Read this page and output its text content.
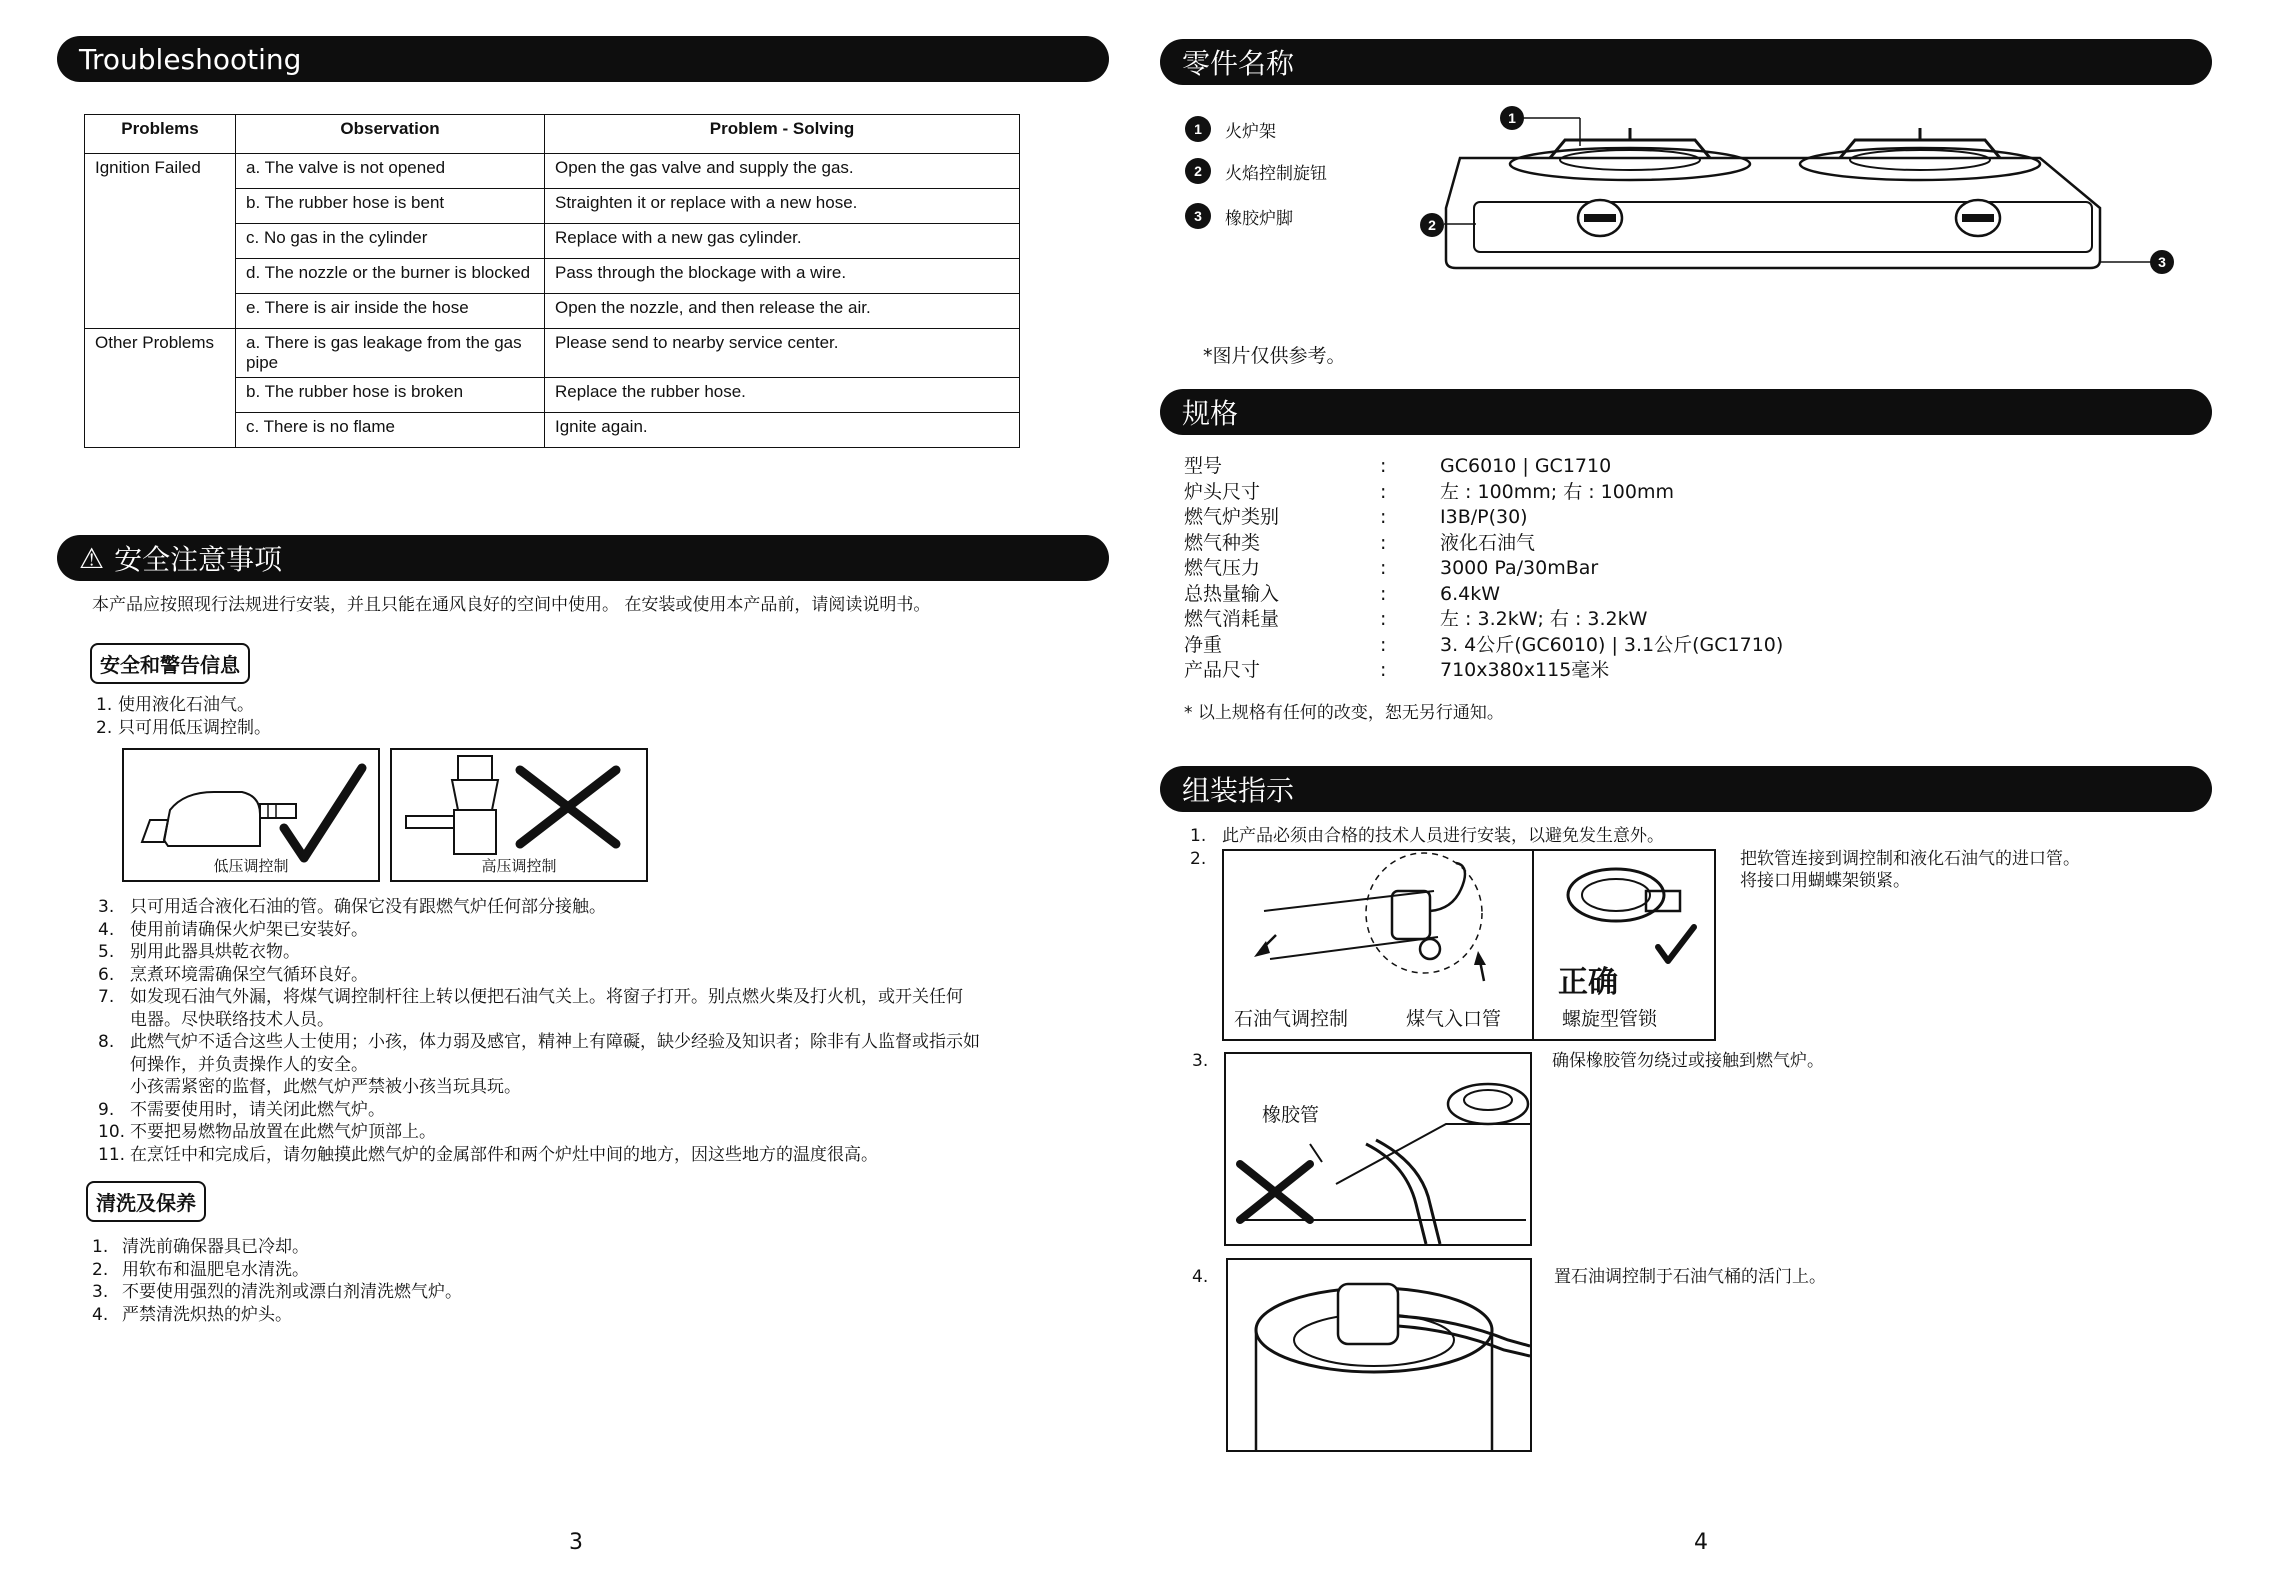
Troubleshooting
Problems	Observation	Problem - Solving
Ignition Failed	a. The valve is not opened	Open the gas valve and supply the gas.
	b. The rubber hose is bent	Straighten it or replace with a new hose.
	c. No gas in the cylinder	Replace with a new gas cylinder.
	d. The nozzle or the burner is blocked	Pass through the blockage with a wire.
	e. There is air inside the hose	Open the nozzle, and then release the air.
Other Problems	a. There is gas leakage from the gas pipe	Please send to nearby service center.
	b. The rubber hose is broken	Replace the rubber hose.
	c. There is no flame	Ignite again.
⚠ 安全注意事项
本产品应按照现行法规进行安装，并且只能在通风良好的空间中使用。 在安装或使用本产品前，请阅读说明书。
安全和警告信息
1. 使用液化石油气。
2. 只可用低压调控制。
低压调控制	高压调控制
3. 只可用适合液化石油的管。确保它没有跟燃气炉任何部分接触。
4. 使用前请确保火炉架已安装好。
5. 别用此器具烘乾衣物。
6. 烹煮环境需确保空气循环良好。
7. 如发现石油气外漏，将煤气调控制杆往上转以便把石油气关上。将窗子打开。别点燃火柴及打火机，或开关任何
电器。尽快联络技术人员。
8. 此燃气炉不适合这些人士使用；小孩，体力弱及感官，精神上有障礙，缺少经验及知识者；除非有人监督或指示如
何操作，并负责操作人的安全。
小孩需紧密的监督，此燃气炉严禁被小孩当玩具玩。
9. 不需要使用时，请关闭此燃气炉。
10. 不要把易燃物品放置在此燃气炉顶部上。
11. 在烹饪中和完成后，请勿触摸此燃气炉的金属部件和两个炉灶中间的地方，因这些地方的温度很高。
清洗及保养
1. 清洗前确保器具已冷却。
2. 用软布和温肥皂水清洗。
3. 不要使用强烈的清洗剂或漂白剂清洗燃气炉。
4. 严禁清洗炽热的炉头。
3
零件名称
1	火炉架
2	火焰控制旋钮
3	橡胶炉脚
1
2
3
*图片仅供参考。
规格
型号	:	GC6010 | GC1710
炉头尺寸	:	左 : 100mm; 右 : 100mm
燃气炉类别	:	I3B/P(30)
燃气种类	:	液化石油气
燃气压力	:	3000 Pa/30mBar
总热量输入	:	6.4kW
燃气消耗量	:	左 : 3.2kW; 右 : 3.2kW
净重	:	3. 4公斤(GC6010) | 3.1公斤(GC1710)
产品尺寸	:	710x380x115毫米
* 以上规格有任何的改变，恕无另行通知。
组装指示
1. 此产品必须由合格的技术人员进行安装，以避免发生意外。
2.
石油气调控制	煤气入口管
正确
螺旋型管锁
把软管连接到调控制和液化石油气的进口管。
将接口用蝴蝶架锁紧。
3.
橡胶管
确保橡胶管勿绕过或接触到燃气炉。
4.	置石油调控制于石油气桶的活门上。
4
